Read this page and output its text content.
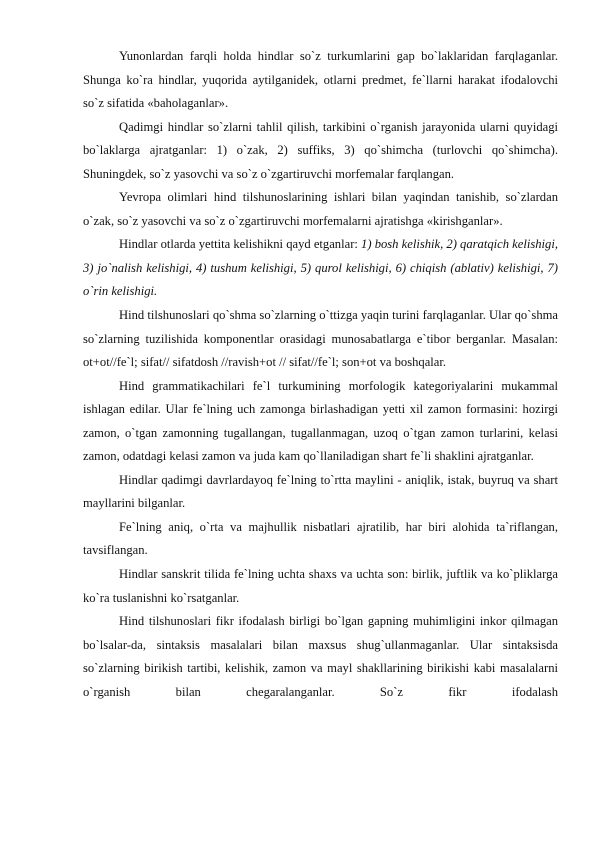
Yunonlardan farqli holda hindlar so`z turkumlarini gap bo`laklaridan farqlaganlar. Shunga ko`ra hindlar, yuqorida aytilganidek, otlarni predmet, fe`llarni harakat ifodalovchi so`z sifatida «baholaganlar».

Qadimgi hindlar so`zlarni tahlil qilish, tarkibini o`rganish jarayonida ularni quyidagi bo`laklarga ajratganlar: 1) o`zak, 2) suffiks, 3) qo`shimcha (turlovchi qo`shimcha). Shuningdek, so`z yasovchi va so`z o`zgartiruvchi morfemalar farqlangan.

Yevropa olimlari hind tilshunoslarining ishlari bilan yaqindan tanishib, so`zlardan o`zak, so`z yasovchi va so`z o`zgartiruvchi morfemalarni ajratishga «kirishganlar».

Hindlar otlarda yettita kelishikni qayd etganlar: 1) bosh kelishik, 2) qaratqich kelishigi, 3) jo`nalish kelishigi, 4) tushum kelishigi, 5) qurol kelishigi, 6) chiqish (ablativ) kelishigi, 7) o`rin kelishigi.

Hind tilshunoslari qo`shma so`zlarning o`ttizga yaqin turini farqlaganlar. Ular qo`shma so`zlarning tuzilishida komponentlar orasidagi munosabatlarga e`tibor berganlar. Masalan: ot+ot//fe`l; sifat// sifatdosh //ravish+ot // sifat//fe`l; son+ot va boshqalar.

Hind grammatikachilari fe`l turkumining morfologik kategoriyalarini mukammal ishlagan edilar. Ular fe`lning uch zamonga birlashadigan yetti xil zamon formasini: hozirgi zamon, o`tgan zamonning tugallangan, tugallanmagan, uzoq o`tgan zamon turlarini, kelasi zamon, odatdagi kelasi zamon va juda kam qo`llaniladigan shart fe`li shaklini ajratganlar.

Hindlar qadimgi davrlardayoq fe`lning to`rtta maylini - aniqlik, istak, buyruq va shart mayllarini bilganlar.

Fe`lning aniq, o`rta va majhullik nisbatlari ajratilib, har biri alohida ta`riflangan, tavsiflangan.

Hindlar sanskrit tilida fe`lning uchta shaxs va uchta son: birlik, juftlik va ko`pliklarga ko`ra tuslanishni ko`rsatganlar.

Hind tilshunoslari fikr ifodalash birligi bo`lgan gapning muhimligini inkor qilmagan bo`lsalar-da, sintaksis masalalari bilan maxsus shug`ullanmaganlar. Ular sintaksisda so`zlarning birikish tartibi, kelishik, zamon va mayl shakllarining birikishi kabi masalalarni o`rganish bilan chegaralanganlar. So`z fikr ifodalash
